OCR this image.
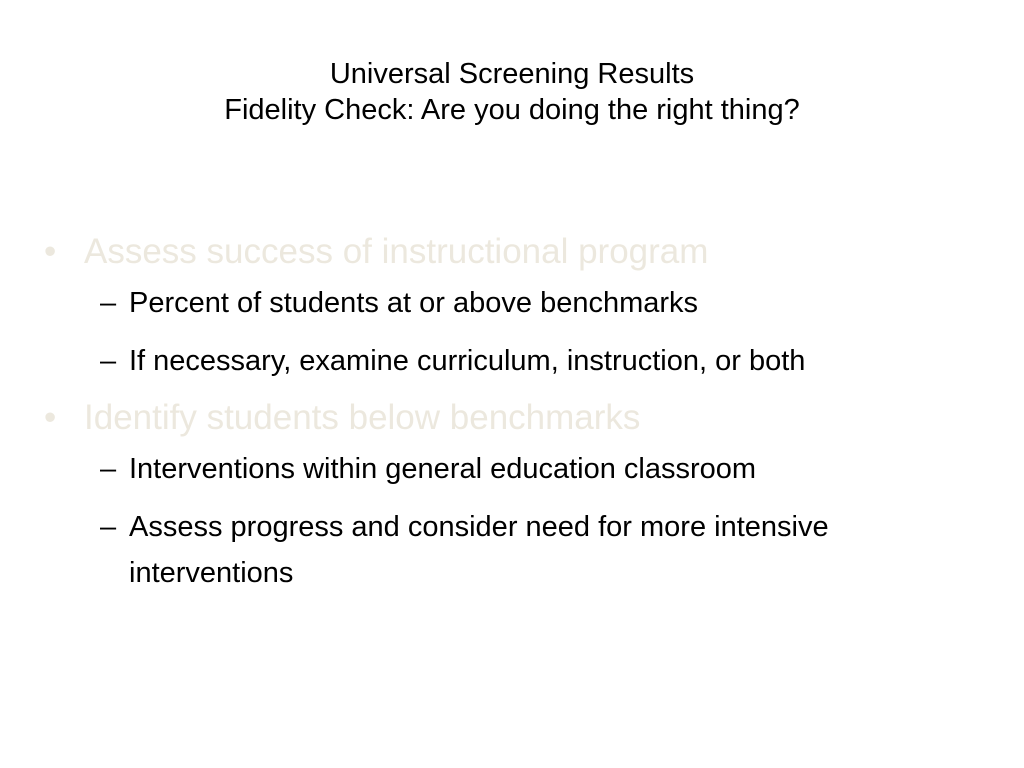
Universal Screening Results
Fidelity Check: Are you doing the right thing?
• Assess success of instructional program
– Percent of students at or above benchmarks
– If necessary, examine curriculum, instruction, or both
• Identify students below benchmarks
– Interventions within general education classroom
– Assess progress and consider need for more intensive interventions
